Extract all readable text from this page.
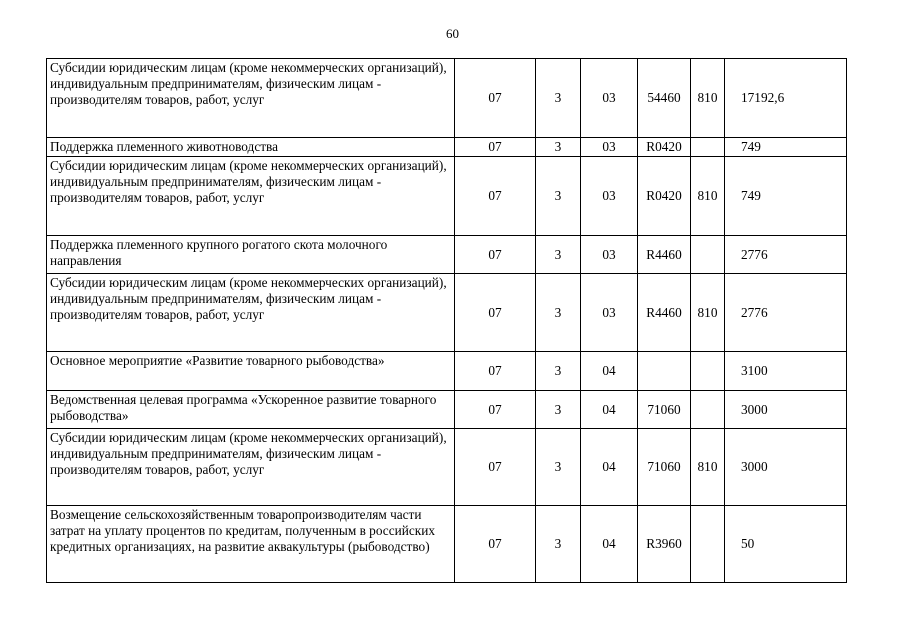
60
Субсидии юридическим лицам (кроме некоммерческих организаций), индивидуальным предпринимателям, физическим лицам - производителям товаров, работ, услуг	07	3	03	54460	810	17192,6
Поддержка племенного животноводства	07	3	03	R0420		749
Субсидии юридическим лицам (кроме некоммерческих организаций), индивидуальным предпринимателям, физическим лицам - производителям товаров, работ, услуг	07	3	03	R0420	810	749
Поддержка племенного крупного рогатого скота молочного направления	07	3	03	R4460		2776
Субсидии юридическим лицам (кроме некоммерческих организаций), индивидуальным предпринимателям, физическим лицам - производителям товаров, работ, услуг	07	3	03	R4460	810	2776
Основное мероприятие «Развитие товарного рыбоводства»	07	3	04			3100
Ведомственная целевая программа «Ускоренное развитие товарного рыбоводства»	07	3	04	71060		3000
Субсидии юридическим лицам (кроме некоммерческих организаций), индивидуальным предпринимателям, физическим лицам - производителям товаров, работ, услуг	07	3	04	71060	810	3000
Возмещение сельскохозяйственным товаропроизводителям части затрат на уплату процентов по кредитам, полученным в российских кредитных организациях, на развитие аквакультуры (рыбоводство)	07	3	04	R3960		50
